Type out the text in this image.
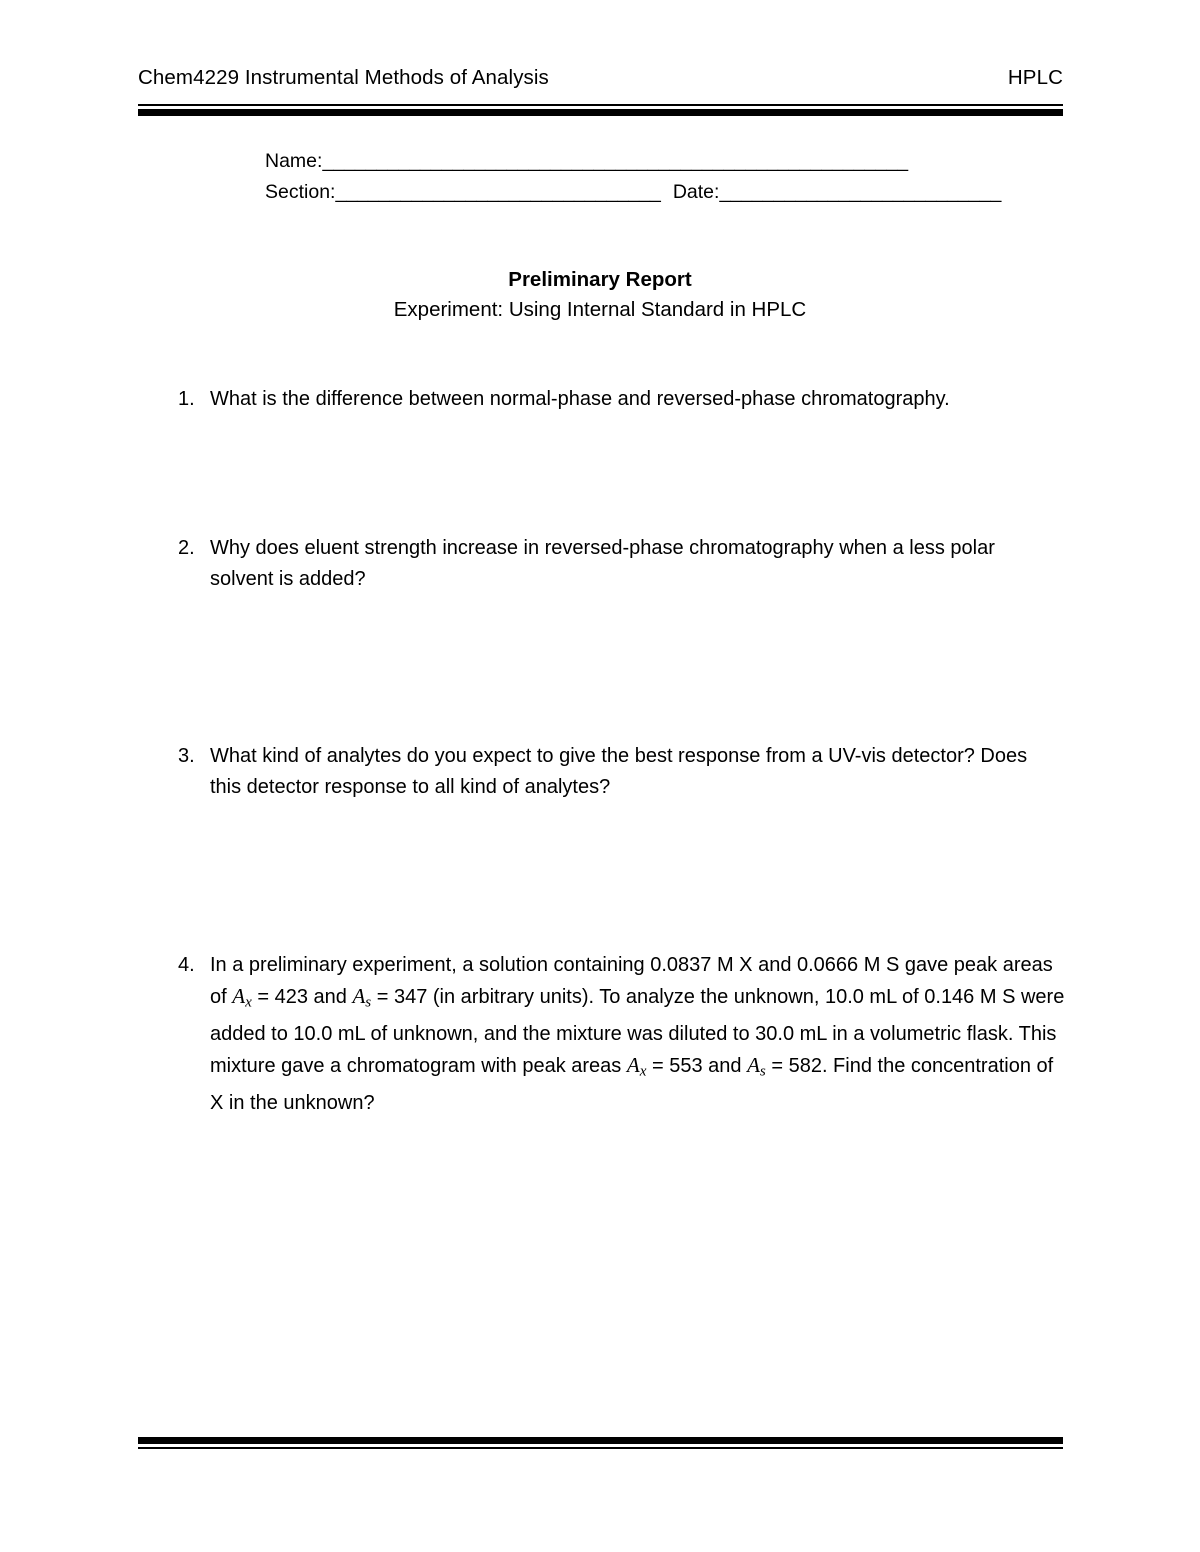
Chem4229 Instrumental Methods of Analysis	HPLC
Name:______________________________________________________
Section:______________________________ Date:__________________________
Preliminary Report
Experiment: Using Internal Standard in HPLC
1. What is the difference between normal-phase and reversed-phase chromatography.
2. Why does eluent strength increase in reversed-phase chromatography when a less polar solvent is added?
3. What kind of analytes do you expect to give the best response from a UV-vis detector? Does this detector response to all kind of analytes?
4. In a preliminary experiment, a solution containing 0.0837 M X and 0.0666 M S gave peak areas of $A_x = 423$ and $A_s = 347$ (in arbitrary units). To analyze the unknown, 10.0 mL of 0.146 M S were added to 10.0 mL of unknown, and the mixture was diluted to 30.0 mL in a volumetric flask. This mixture gave a chromatogram with peak areas $A_x = 553$ and $A_s = 582$. Find the concentration of X in the unknown?
